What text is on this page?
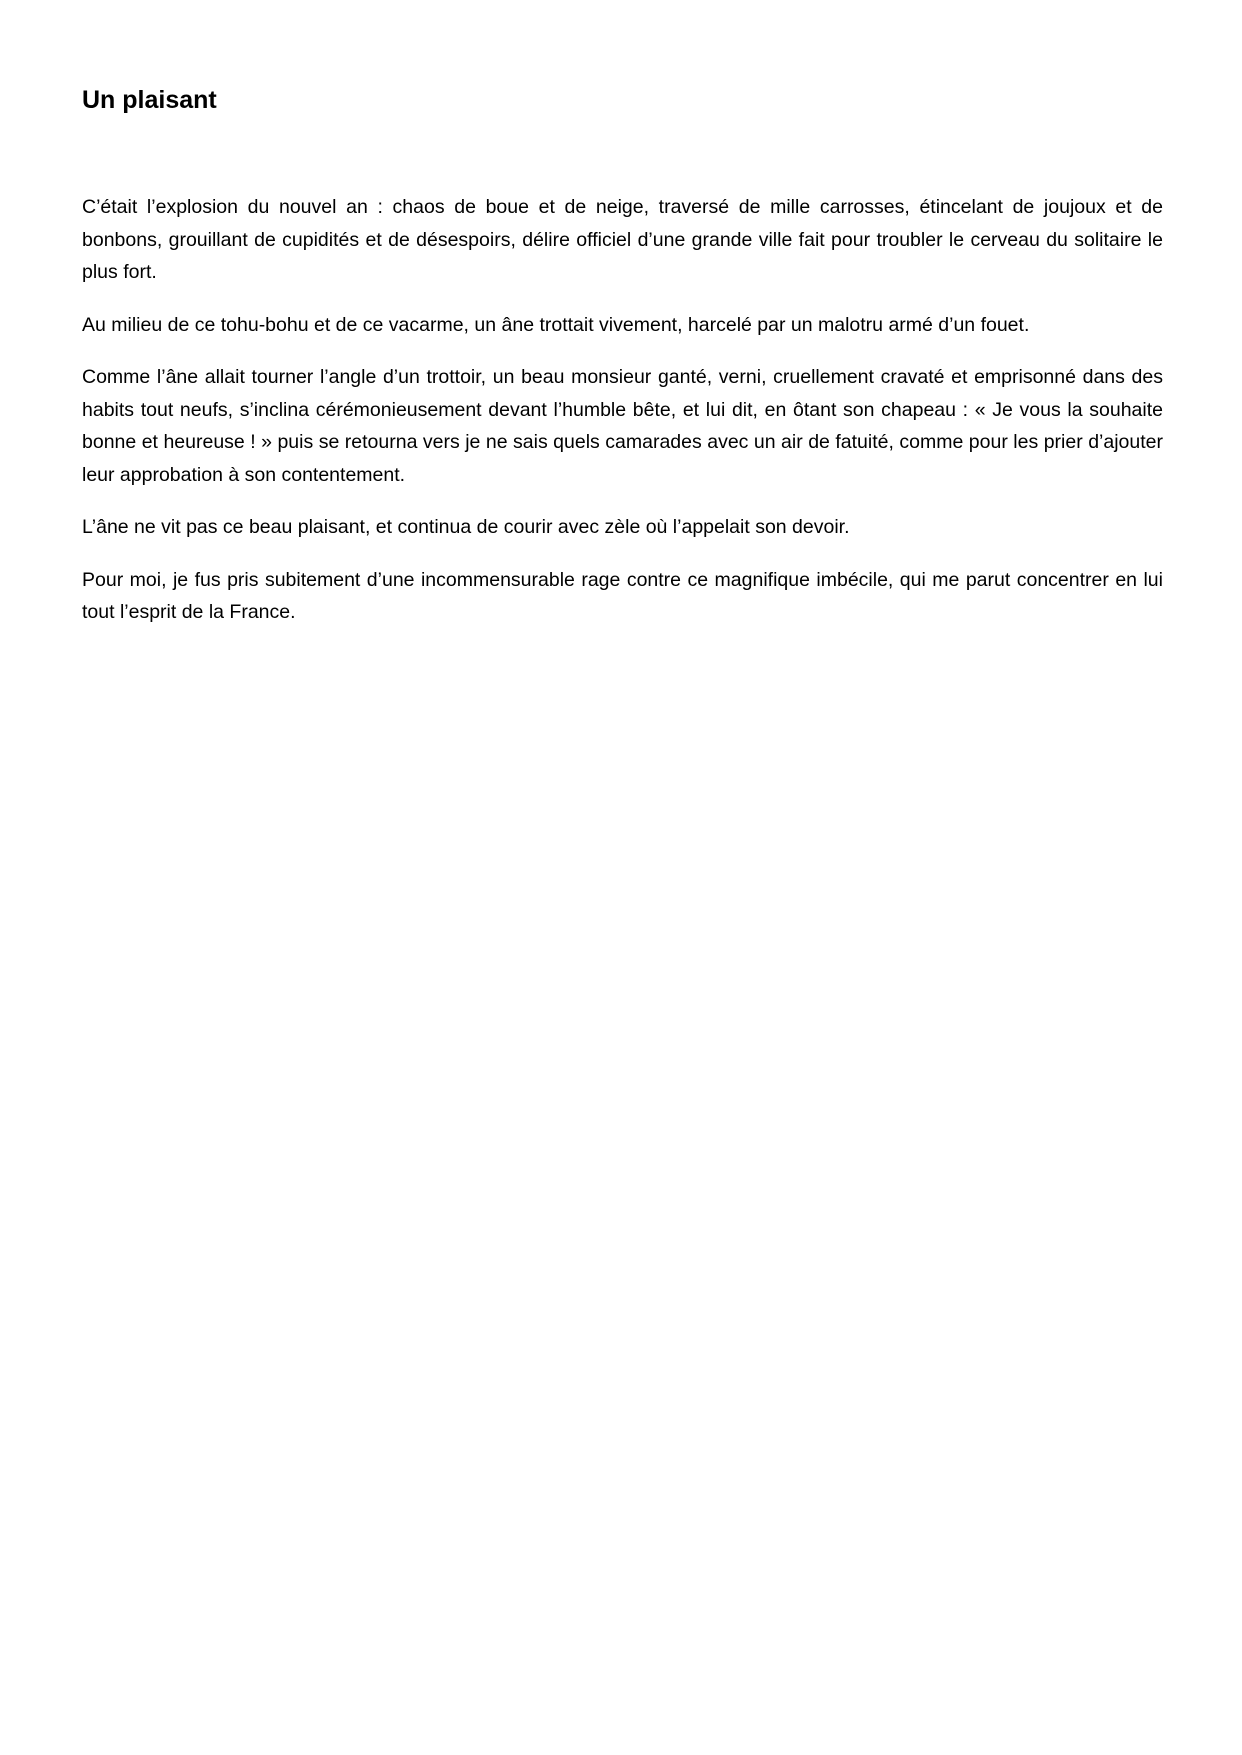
Un plaisant

C’était l’explosion du nouvel an : chaos de boue et de neige, traversé de mille carrosses, étincelant de joujoux et de bonbons, grouillant de cupidités et de désespoirs, délire officiel d’une grande ville fait pour troubler le cerveau du solitaire le plus fort.

Au milieu de ce tohu-bohu et de ce vacarme, un âne trottait vivement, harcelé par un malotru armé d’un fouet.

Comme l’âne allait tourner l’angle d’un trottoir, un beau monsieur ganté, verni, cruellement cravaté et emprisonné dans des habits tout neufs, s’inclina cérémonieusement devant l’humble bête, et lui dit, en ôtant son chapeau : « Je vous la souhaite bonne et heureuse ! » puis se retourna vers je ne sais quels camarades avec un air de fatuité, comme pour les prier d’ajouter leur approbation à son contentement.

L’âne ne vit pas ce beau plaisant, et continua de courir avec zèle où l’appelait son devoir.

Pour moi, je fus pris subitement d’une incommensurable rage contre ce magnifique imbécile, qui me parut concentrer en lui tout l’esprit de la France.
